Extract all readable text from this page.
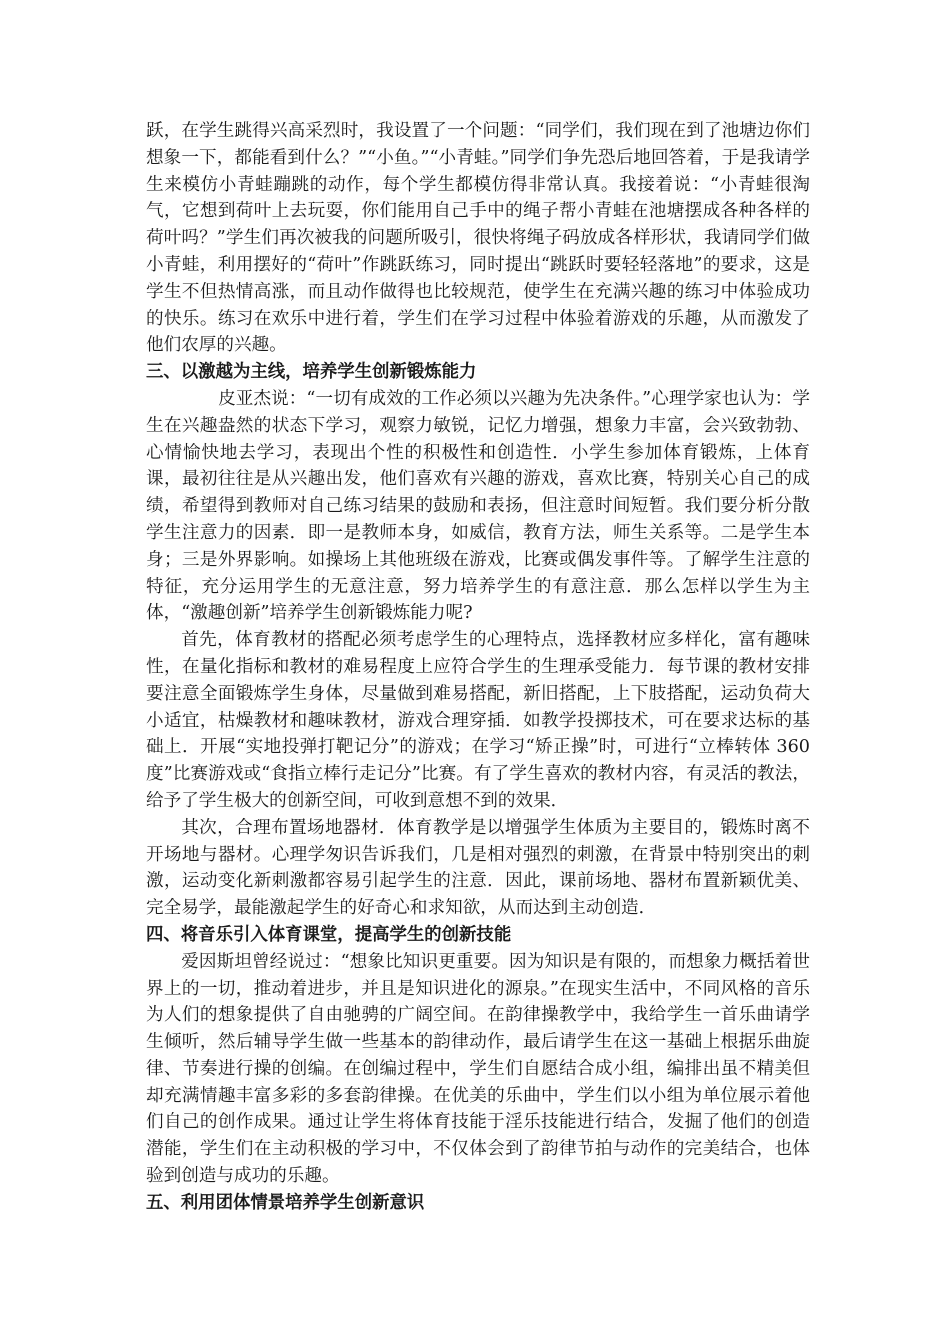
跃，在学生跳得兴高采烈时，我设置了一个问题：“同学们，我们现在到了池塘边你们想象一下，都能看到什么？”“小鱼。”“小青蛙。”同学们争先恐后地回答着，于是我请学生来模仿小青蛙蹦跳的动作，每个学生都模仿得非常认真。我接着说：“小青蛙很淘气，它想到荷叶上去玩耍，你们能用自己手中的绳子帮小青蛙在池塘摆成各种各样的荷叶吗？”学生们再次被我的问题所吸引，很快将绳子码放成各样形状，我请同学们做小青蛙，利用摆好的“荷叶”作跳跃练习，同时提出“跳跃时要轻轻落地”的要求，这是学生不但热情高涨，而且动作做得也比较规范，使学生在充满兴趣的练习中体验成功的快乐。练习在欢乐中进行着，学生们在学习过程中体验着游戏的乐趣，从而激发了他们农厚的兴趣。

三、以激越为主线，培养学生创新锻炼能力

皮亚杰说：“一切有成效的工作必须以兴趣为先决条件。”心理学家也认为：学生在兴趣盎然的状态下学习，观察力敏锐，记忆力增强，想象力丰富，会兴致勃勃、心情愉快地去学习，表现出个性的积极性和创造性．小学生参加体育锻炼，上体育课，最初往往是从兴趣出发，他们喜欢有兴趣的游戏，喜欢比赛，特别关心自己的成绩，希望得到教师对自己练习结果的鼓励和表扬，但注意时间短暂。我们要分析分散学生注意力的因素．即一是教师本身，如威信，教育方法，师生关系等。二是学生本身；三是外界影响。如操场上其他班级在游戏，比赛或偶发事件等。了解学生注意的特征，充分运用学生的无意注意，努力培养学生的有意注意．那么怎样以学生为主体，“激趣创新”培养学生创新锻炼能力呢?

首先，体育教材的搭配必须考虑学生的心理特点，选择教材应多样化，富有趣味性，在量化指标和教材的难易程度上应符合学生的生理承受能力．每节课的教材安排要注意全面锻炼学生身体，尽量做到难易搭配，新旧搭配，上下肢搭配，运动负荷大小适宜，枯燥教材和趣味教材，游戏合理穿插．如教学投掷技术，可在要求达标的基础上．开展“实地投弹打靶记分”的游戏；在学习“矫正操”时，可进行“立棒转体 360 度”比赛游戏或“食指立棒行走记分”比赛。有了学生喜欢的教材内容，有灵活的教法，给予了学生极大的创新空间，可收到意想不到的效果．

其次，合理布置场地器材．体育教学是以增强学生体质为主要目的，锻炼时离不开场地与器材。心理学匆识告诉我们，几是相对强烈的刺激，在背景中特别突出的刺激，运动变化新刺激都容易引起学生的注意．因此，课前场地、器材布置新颖优美、完全易学，最能激起学生的好奇心和求知欲，从而达到主动创造．

四、将音乐引入体育课堂，提高学生的创新技能

爱因斯坦曾经说过：“想象比知识更重要。因为知识是有限的，而想象力概括着世界上的一切，推动着进步，并且是知识进化的源泉。”在现实生活中，不同风格的音乐为人们的想象提供了自由驰骋的广阔空间。在韵律操教学中，我给学生一首乐曲请学生倾听，然后辅导学生做一些基本的韵律动作，最后请学生在这一基础上根据乐曲旋律、节奏进行操的创编。在创编过程中，学生们自愿结合成小组，编排出虽不精美但却充满情趣丰富多彩的多套韵律操。在优美的乐曲中，学生们以小组为单位展示着他们自己的创作成果。通过让学生将体育技能于淫乐技能进行结合，发掘了他们的创造潜能，学生们在主动积极的学习中，不仅体会到了韵律节拍与动作的完美结合，也体验到创造与成功的乐趣。

五、利用团体情景培养学生创新意识
